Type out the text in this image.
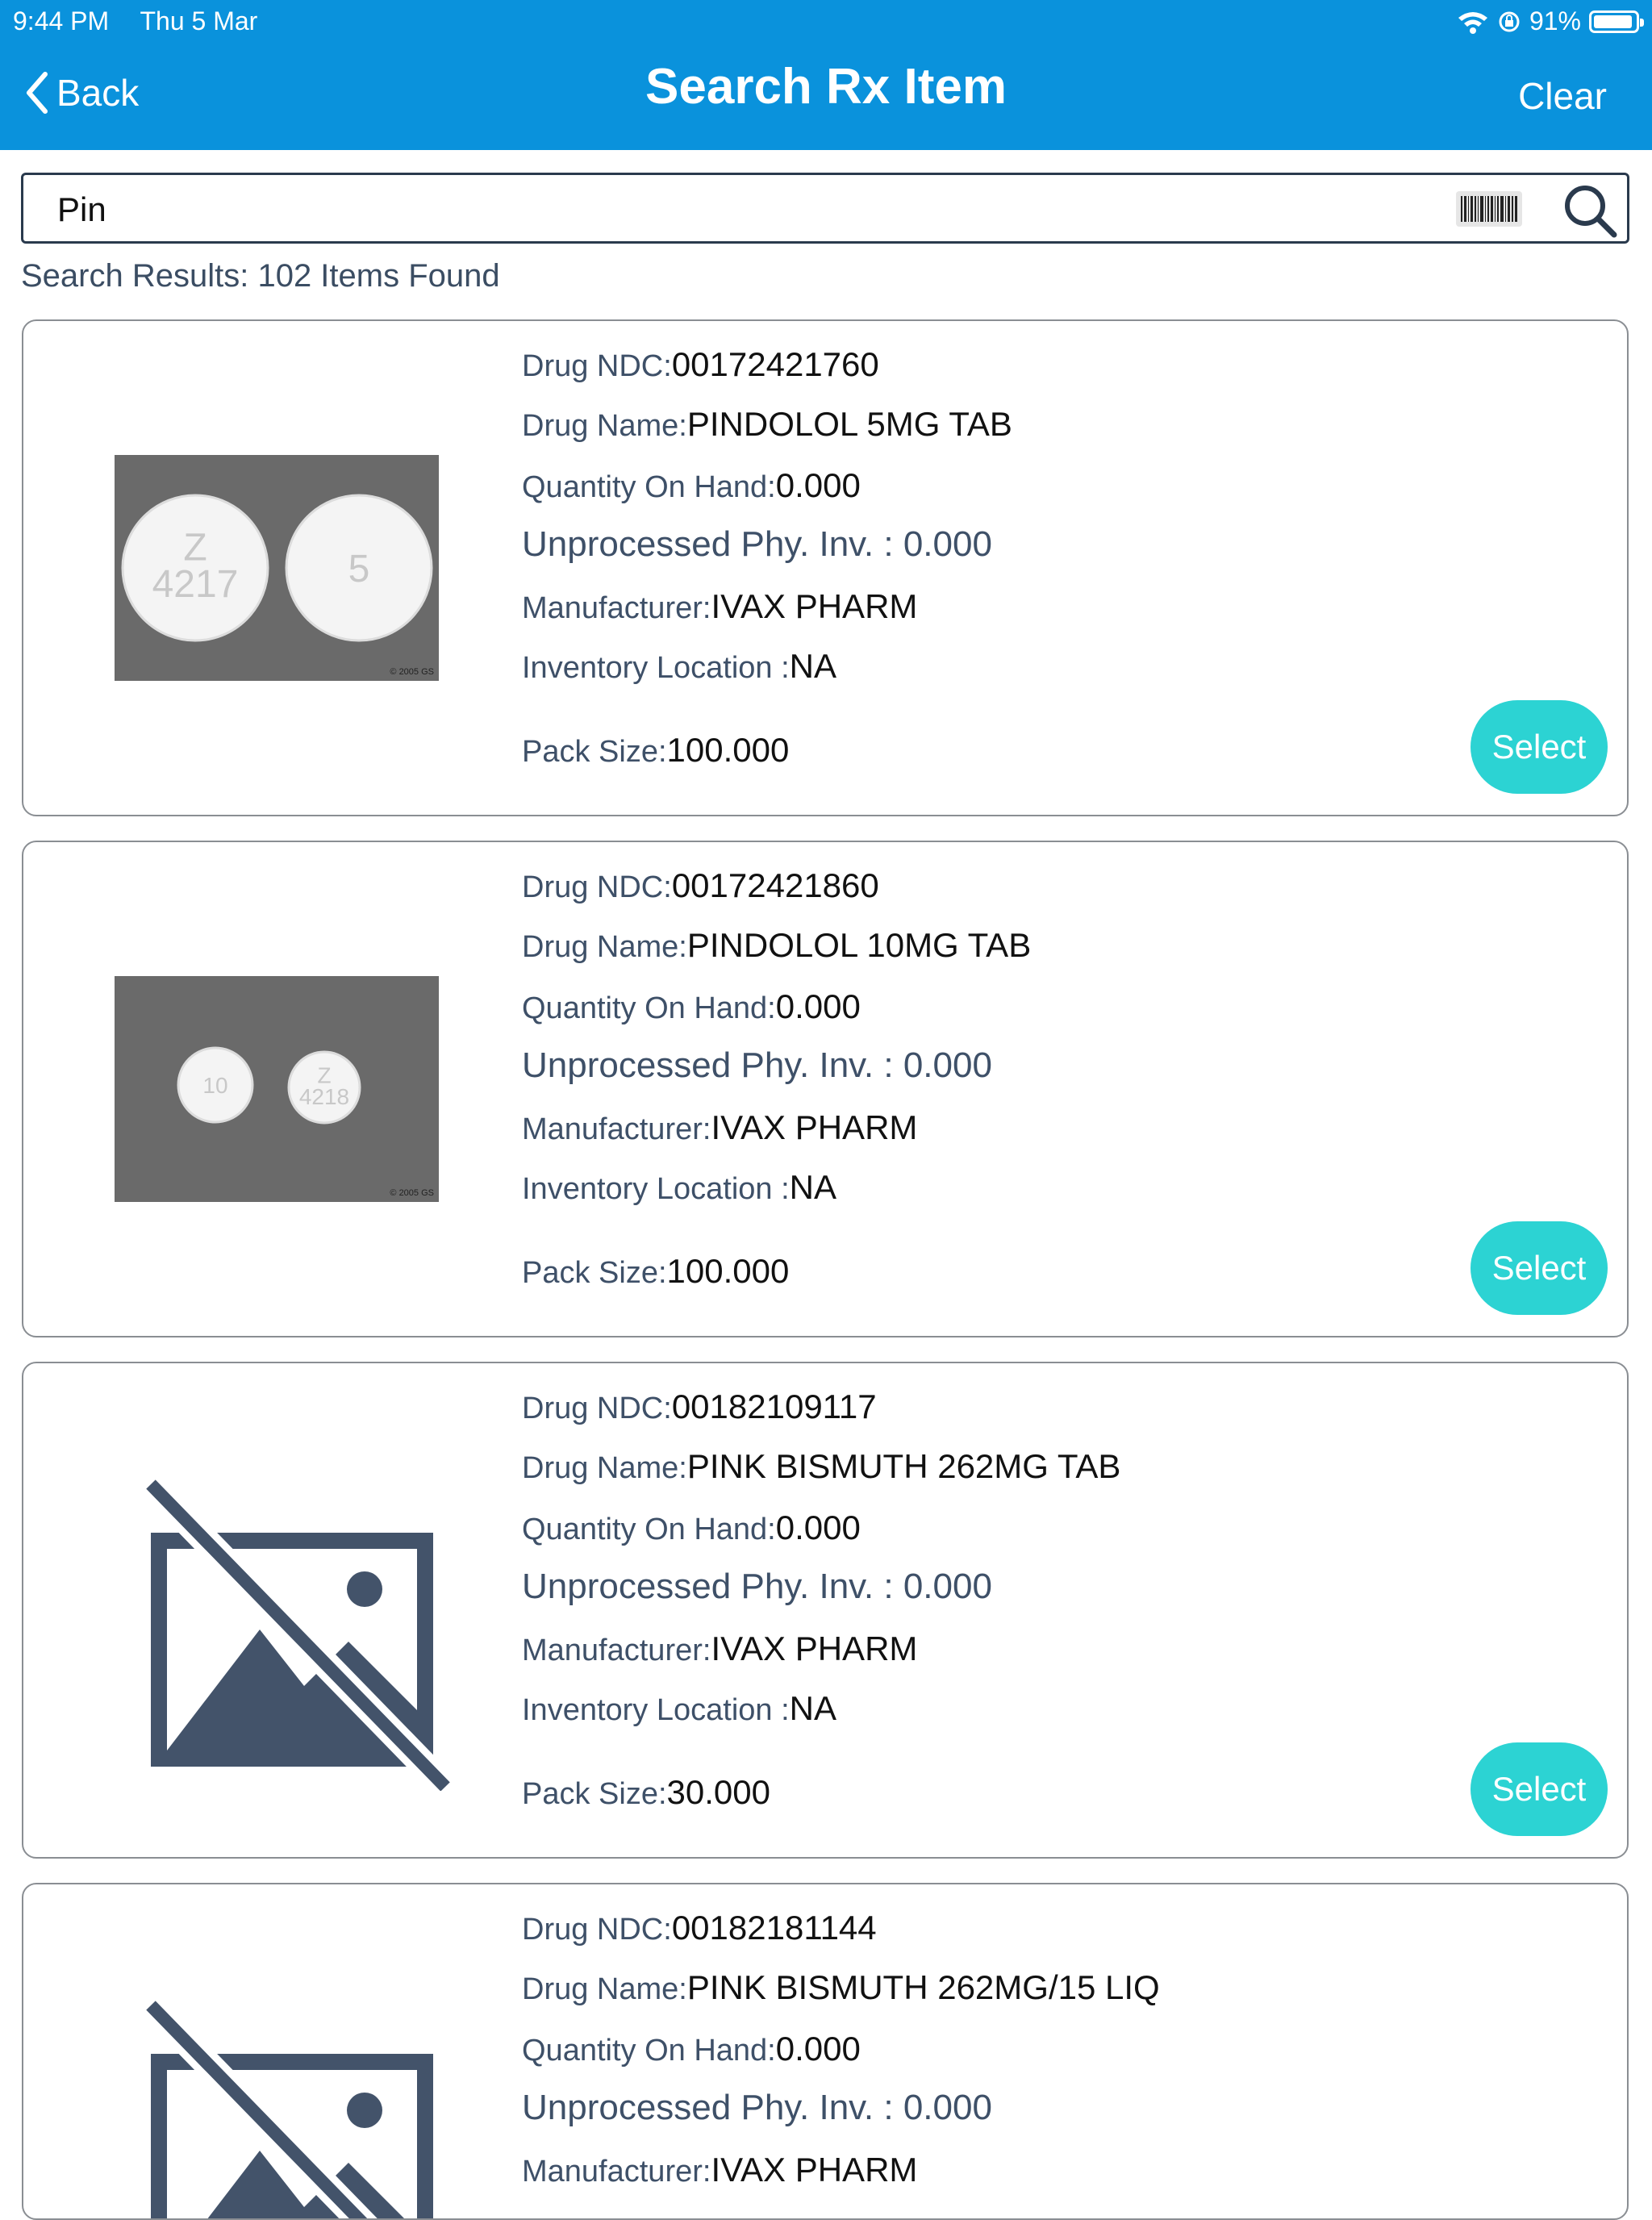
9:44 PM Thu 5 Mar	91%
Back	Search Rx Item	Clear
Pin
Search Results: 102 Items Found
Z
4217	5
© 2005 GS
Drug NDC:00172421760
Drug Name:PINDOLOL 5MG TAB
Quantity On Hand:0.000
Unprocessed Phy. Inv. : 0.000
Manufacturer:IVAX PHARM
Inventory Location :NA
Pack Size:100.000	Select
10	Z
4218
© 2005 GS
Drug NDC:00172421860
Drug Name:PINDOLOL 10MG TAB
Quantity On Hand:0.000
Unprocessed Phy. Inv. : 0.000
Manufacturer:IVAX PHARM
Inventory Location :NA
Pack Size:100.000	Select
Drug NDC:00182109117
Drug Name:PINK BISMUTH 262MG TAB
Quantity On Hand:0.000
Unprocessed Phy. Inv. : 0.000
Manufacturer:IVAX PHARM
Inventory Location :NA
Pack Size:30.000	Select
Drug NDC:00182181144
Drug Name:PINK BISMUTH 262MG/15 LIQ
Quantity On Hand:0.000
Unprocessed Phy. Inv. : 0.000
Manufacturer:IVAX PHARM
